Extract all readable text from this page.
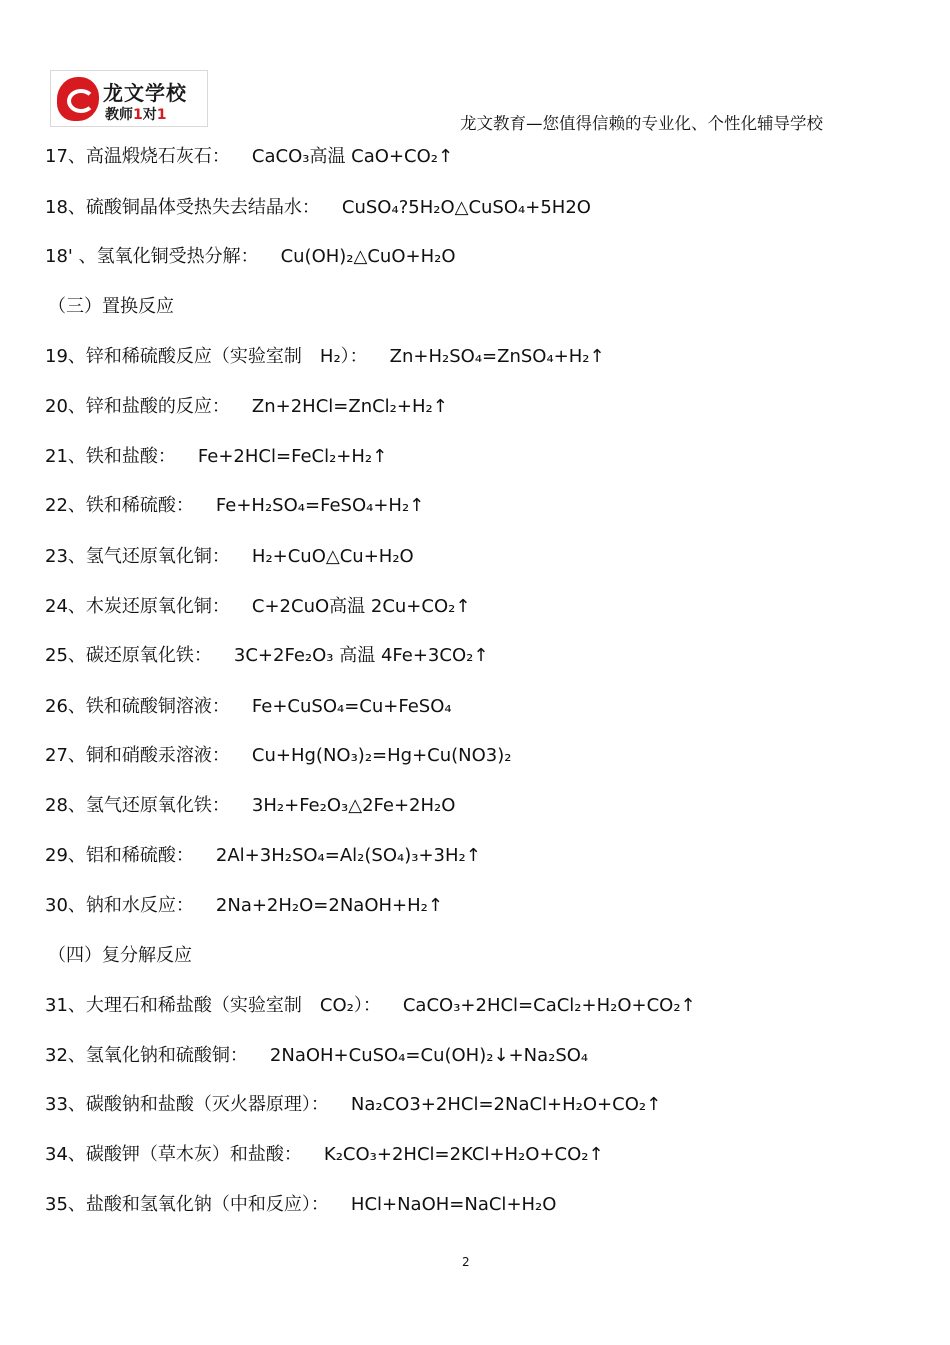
龙文学校
教师1对1	龙文教育—您值得信赖的专业化、个性化辅导学校
17、高温煅烧石灰石： CaCO₃高温 CaO+CO₂↑
18、硫酸铜晶体受热失去结晶水： CuSO₄?5H₂O△CuSO₄+5H2O
18' 、氢氧化铜受热分解： Cu(OH)₂△CuO+H₂O
（三）置换反应
19、锌和稀硫酸反应（实验室制　H₂）： Zn+H₂SO₄=ZnSO₄+H₂↑
20、锌和盐酸的反应： Zn+2HCl=ZnCl₂+H₂↑
21、铁和盐酸： Fe+2HCl=FeCl₂+H₂↑
22、铁和稀硫酸： Fe+H₂SO₄=FeSO₄+H₂↑
23、氢气还原氧化铜： H₂+CuO△Cu+H₂O
24、木炭还原氧化铜： C+2CuO高温 2Cu+CO₂↑
25、碳还原氧化铁： 3C+2Fe₂O₃ 高温 4Fe+3CO₂↑
26、铁和硫酸铜溶液： Fe+CuSO₄=Cu+FeSO₄
27、铜和硝酸汞溶液： Cu+Hg(NO₃)₂=Hg+Cu(NO3)₂
28、氢气还原氧化铁： 3H₂+Fe₂O₃△2Fe+2H₂O
29、铝和稀硫酸： 2Al+3H₂SO₄=Al₂(SO₄)₃+3H₂↑
30、钠和水反应： 2Na+2H₂O=2NaOH+H₂↑
（四）复分解反应
31、大理石和稀盐酸（实验室制　CO₂）： CaCO₃+2HCl=CaCl₂+H₂O+CO₂↑
32、氢氧化钠和硫酸铜： 2NaOH+CuSO₄=Cu(OH)₂↓+Na₂SO₄
33、碳酸钠和盐酸（灭火器原理）： Na₂CO3+2HCl=2NaCl+H₂O+CO₂↑
34、碳酸钾（草木灰）和盐酸： K₂CO₃+2HCl=2KCl+H₂O+CO₂↑
35、盐酸和氢氧化钠（中和反应）： HCl+NaOH=NaCl+H₂O
2
